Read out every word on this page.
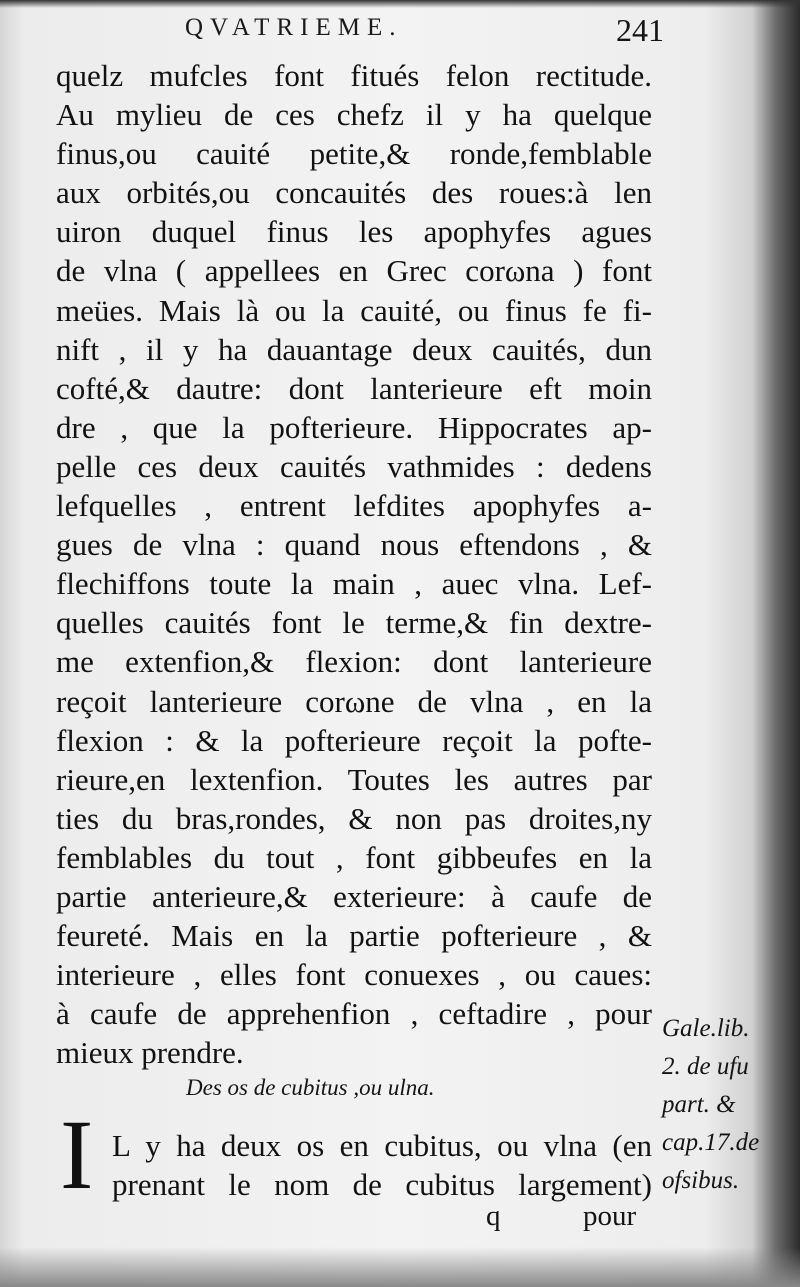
QVATRIEME.	241
quelz mufcles font fitués felon rectitude.
Au mylieu de ces chefz il y ha quelque
finus,ou cauité petite,& ronde,femblable
aux orbités,ou concauités des roues:à len
uiron duquel finus les apophyfes agues
de vlna ( appellees en Grec corωna ) font
meües. Mais là ou la cauité, ou finus fe fi-
nift , il y ha dauantage deux cauités, dun
cofté,& dautre: dont lanterieure eft moin
dre , que la pofterieure. Hippocrates ap-
pelle ces deux cauités vathmides : dedens
lefquelles , entrent lefdites apophyfes a-
gues de vlna : quand nous eftendons , &
flechiffons toute la main , auec vlna. Lef-
quelles cauités font le terme,& fin dextre-
me extenfion,& flexion: dont lanterieure
reçoit lanterieure corωne de vlna , en la
flexion : & la pofterieure reçoit la pofte-
rieure,en lextenfion. Toutes les autres par
ties du bras,rondes, & non pas droites,ny
femblables du tout , font gibbeufes en la
partie anterieure,& exterieure: à caufe de
feureté. Mais en la partie pofterieure , &
interieure , elles font conuexes , ou caues:
à caufe de apprehenfion , ceftadire , pour
mieux prendre.
Gale.lib.
2. de ufu
part. &
cap.17.de
ofsibus.
Des os de cubitus ,ou ulna.
I L y ha deux os en cubitus, ou vlna (en
prenant le nom de cubitus largement)
q	pour
